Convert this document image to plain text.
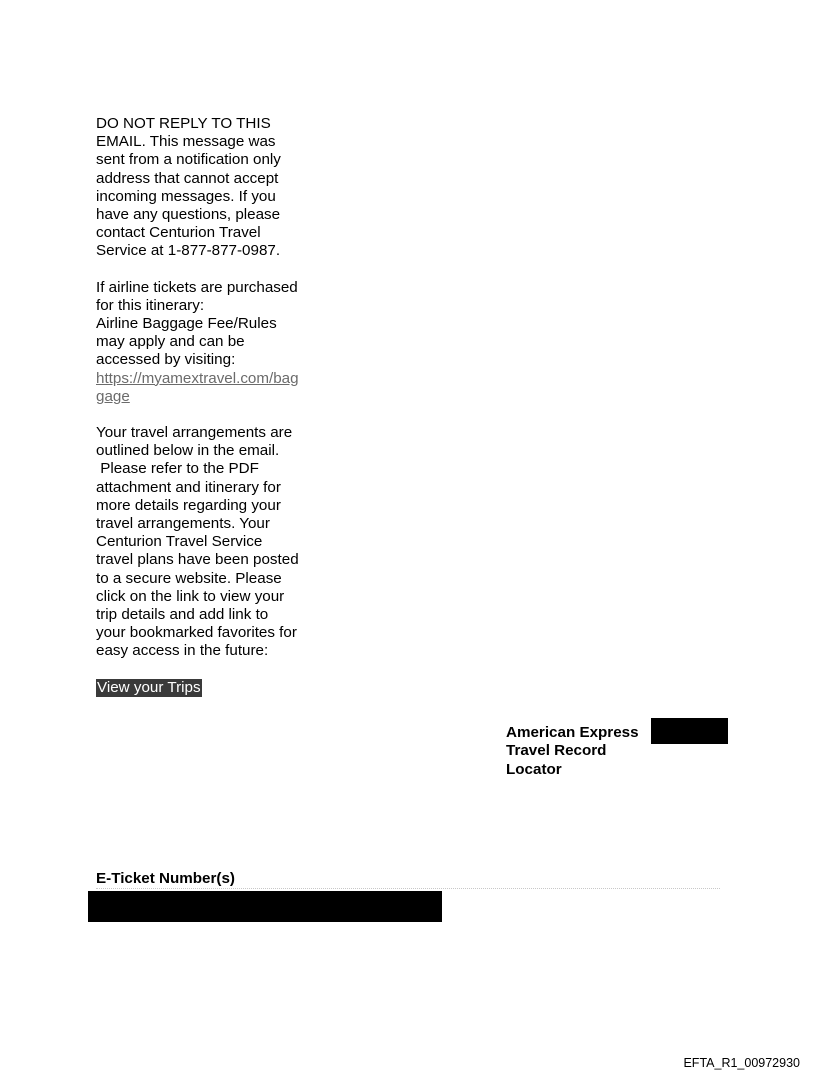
DO NOT REPLY TO THIS
EMAIL. This message was
sent from a notification only
address that cannot accept
incoming messages. If you
have any questions, please
contact Centurion Travel
Service at 1-877-877-0987.

If airline tickets are purchased
for this itinerary:
Airline Baggage Fee/Rules
may apply and can be
accessed by visiting:
https://myamextravel.com/bag
gage

Your travel arrangements are
outlined below in the email.
Please refer to the PDF
attachment and itinerary for
more details regarding your
travel arrangements. Your
Centurion Travel Service
travel plans have been posted
to a secure website. Please
click on the link to view your
trip details and add link to
your bookmarked favorites for
easy access in the future:

View your Trips
American Express
Travel Record
Locator
E-Ticket Number(s)
EFTA_R1_00972930
